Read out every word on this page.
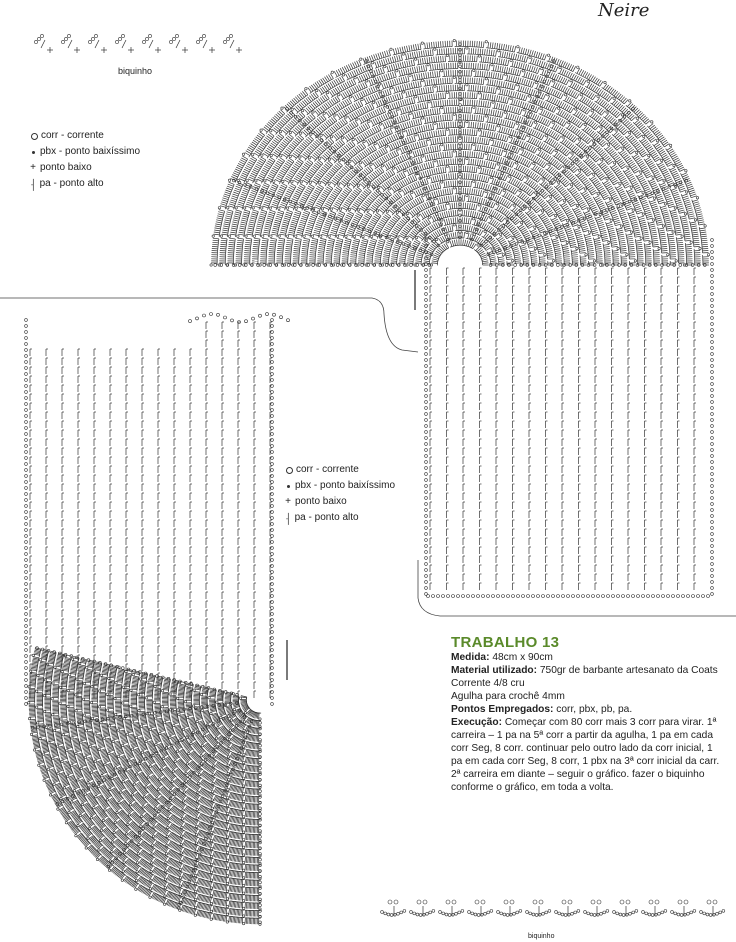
Neire
biquinho
biquinho
corr - corrente
pbx - ponto baixíssimo
+ ponto baixo
⸡ pa - ponto alto
corr - corrente
pbx - ponto baixíssimo
+ ponto baixo
⸡ pa - ponto alto
TRABALHO 13

Medida: 48cm x 90cm

Material utilizado: 750gr de barbante artesanato da Coats Corrente 4/8 cru

Agulha para crochê 4mm

Pontos Empregados: corr, pbx, pb, pa.

Execução: Começar com 80 corr mais 3 corr para virar. 1ª carreira – 1 pa na 5ª corr a partir da agulha, 1 pa em cada corr Seg, 8 corr. continuar pelo outro lado da corr inicial, 1 pa em cada corr Seg, 8 corr, 1 pbx na 3ª corr inicial da carr. 2ª carreira em diante – seguir o gráfico. fazer o biquinho conforme o gráfico, em toda a volta.
